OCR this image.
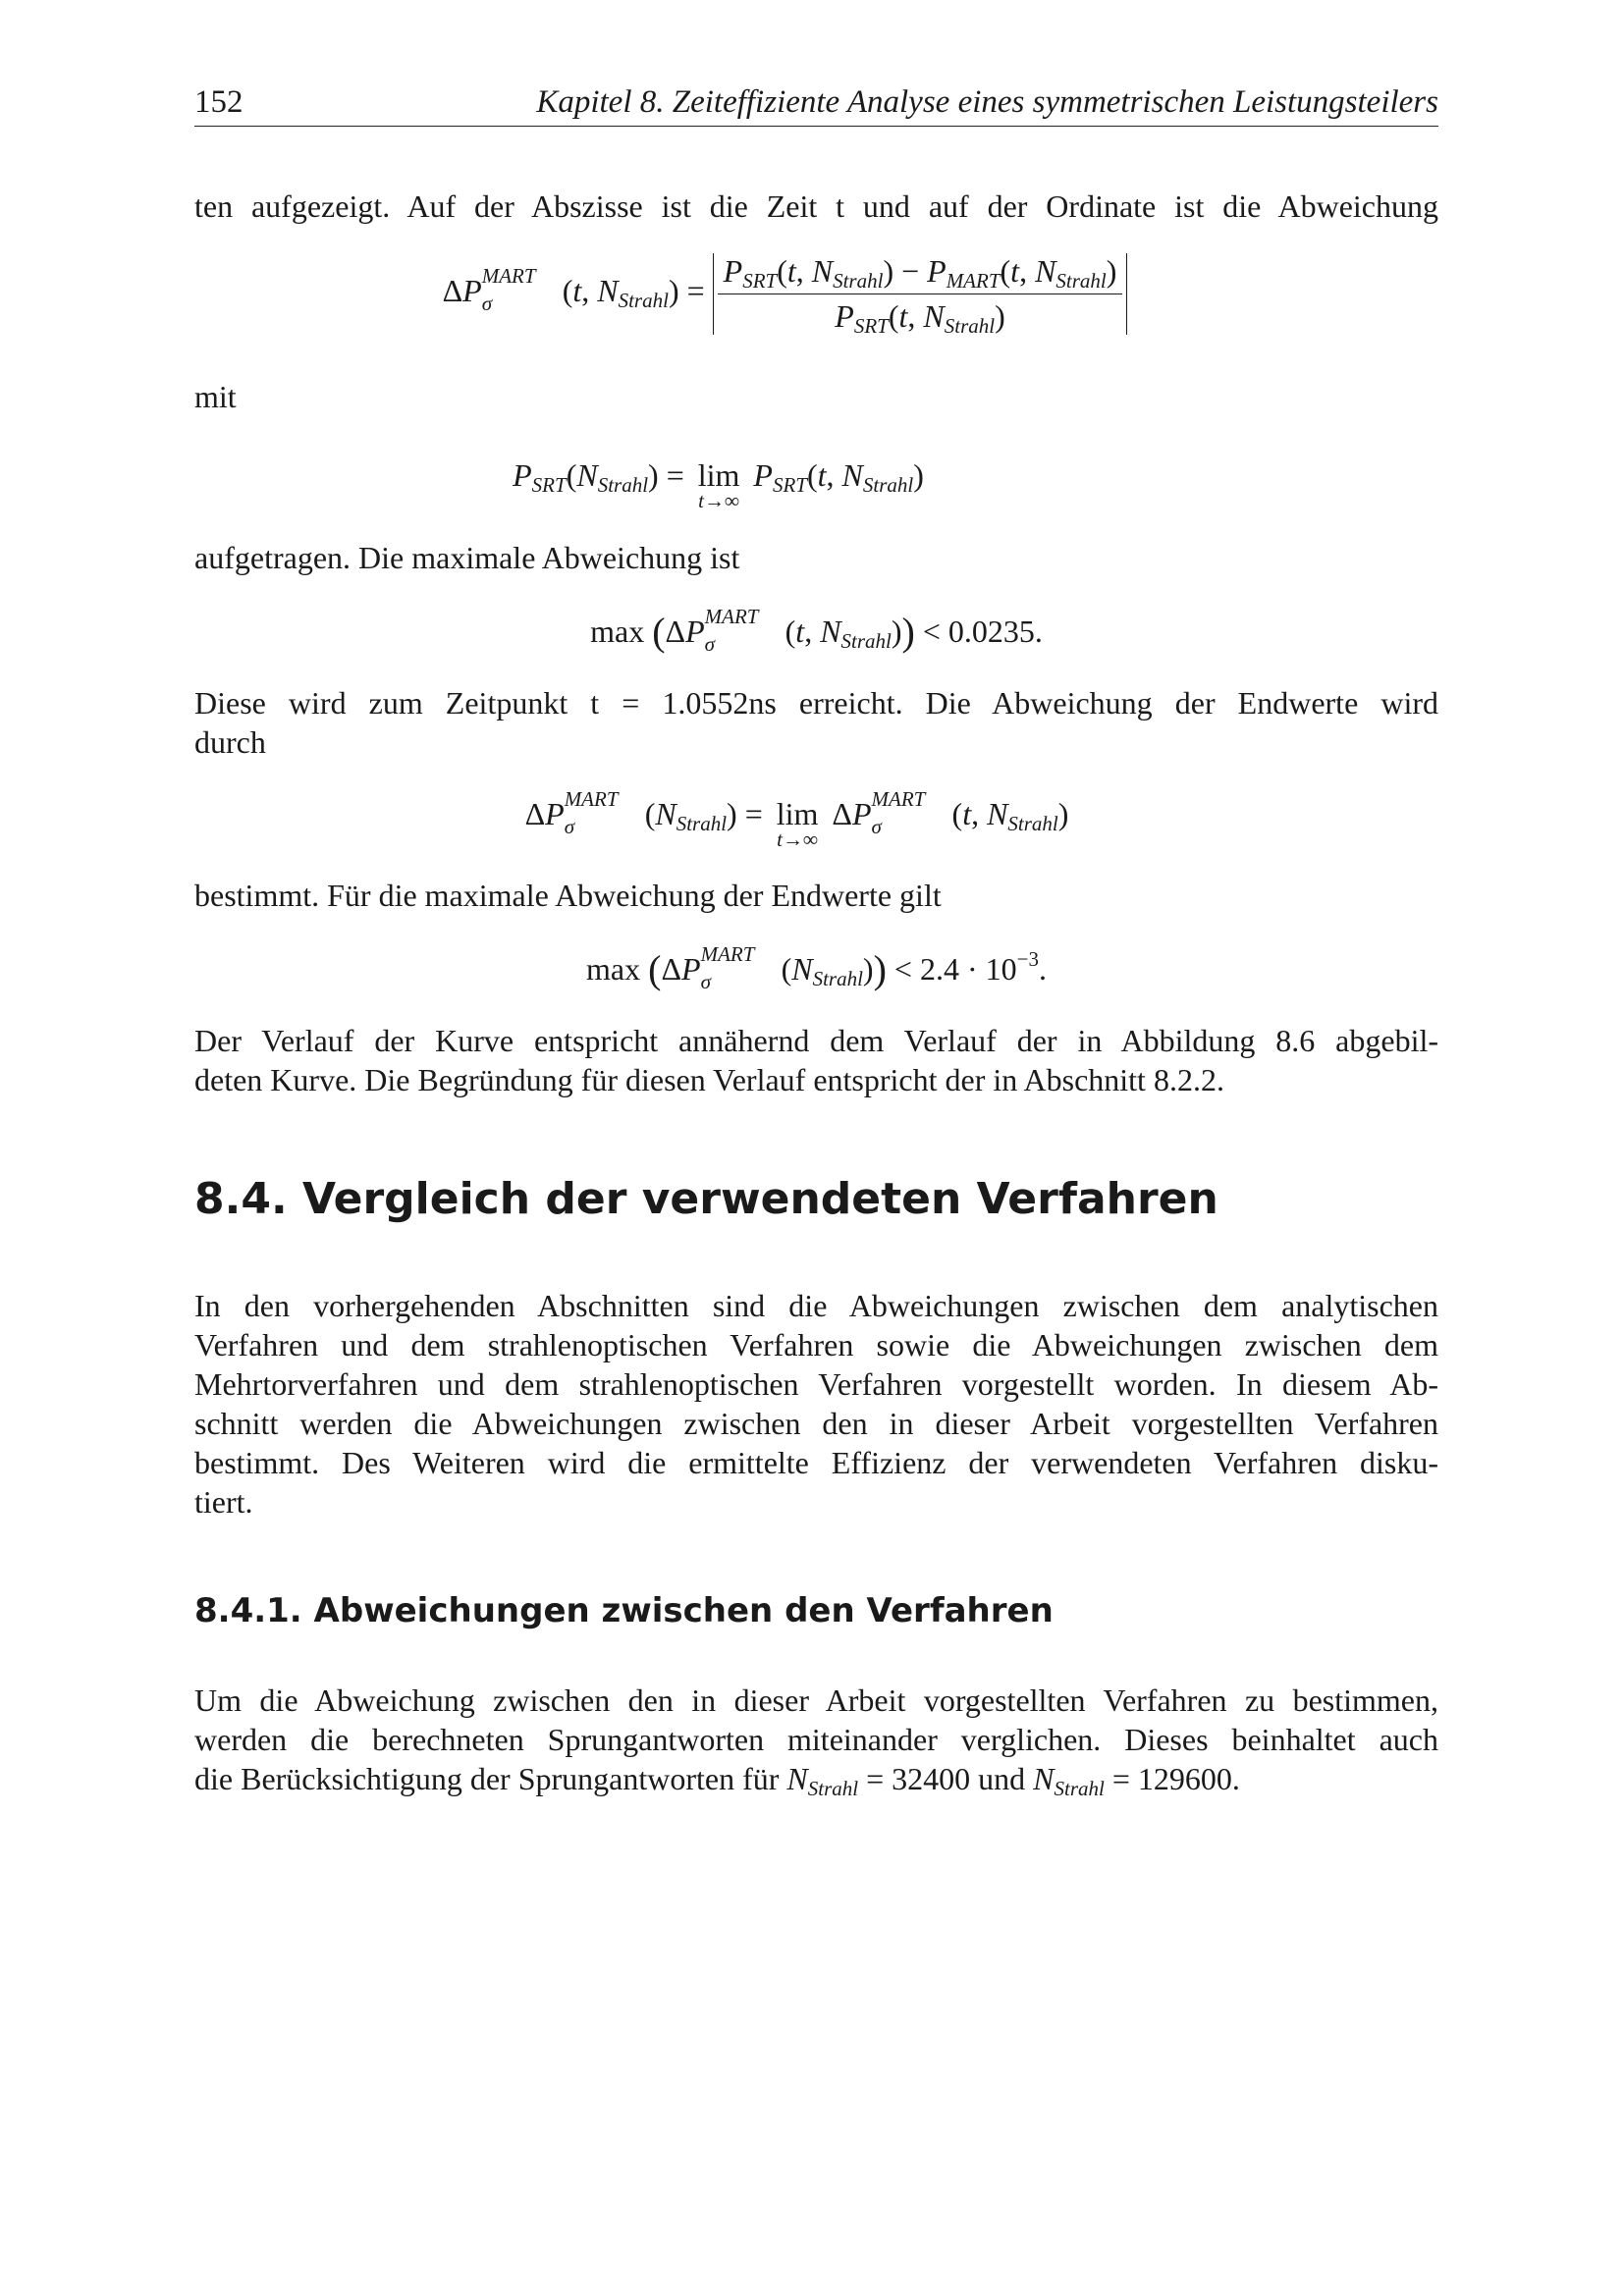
152	Kapitel 8. Zeiteffiziente Analyse eines symmetrischen Leistungsteilers
ten aufgezeigt. Auf der Abszisse ist die Zeit t und auf der Ordinate ist die Abweichung
ΔP MART
σ (t, $N_{Strahl}) = \frac{P_{SRT}(t, N_{Strahl}) - P_{MART}(t, N_{Strahl})}{P_{SRT}(t, N_{Strahl})}$
mit
$P_{SRT}(N_{Strahl}) = \lim$
t→∞
$P_{SRT}(t$, $N_{Strahl}$)
aufgetragen. Die maximale Abweichung ist
max (ΔP MART
σ (t, $N_{Strahl})) < 0.0235$.
Diese wird zum Zeitpunkt t = 1.0552ns erreicht. Die Abweichung der Endwerte wird
durch
ΔP MART
σ $(N_{Strahl}) = \lim$
t→∞
ΔP MART
σ (t, $N_{Strahl}$)
bestimmt. Für die maximale Abweichung der Endwerte gilt
max (ΔP MART
σ $(N_{Strahl})) < 2.4 \cdot 10^{-3}$.
Der Verlauf der Kurve entspricht annähernd dem Verlauf der in Abbildung 8.6 abgebil-
deten Kurve. Die Begründung für diesen Verlauf entspricht der in Abschnitt 8.2.2.
8.4. Vergleich der verwendeten Verfahren
In den vorhergehenden Abschnitten sind die Abweichungen zwischen dem analytischen
Verfahren und dem strahlenoptischen Verfahren sowie die Abweichungen zwischen dem
Mehrtorverfahren und dem strahlenoptischen Verfahren vorgestellt worden. In diesem Ab-
schnitt werden die Abweichungen zwischen den in dieser Arbeit vorgestellten Verfahren
bestimmt. Des Weiteren wird die ermittelte Effizienz der verwendeten Verfahren disku-
tiert.
8.4.1. Abweichungen zwischen den Verfahren
Um die Abweichung zwischen den in dieser Arbeit vorgestellten Verfahren zu bestimmen,
werden die berechneten Sprungantworten miteinander verglichen. Dieses beinhaltet auch
die Berücksichtigung der Sprungantworten für $N_{Strahl} = 32400$ und $N_{Strahl} = 129600$.
